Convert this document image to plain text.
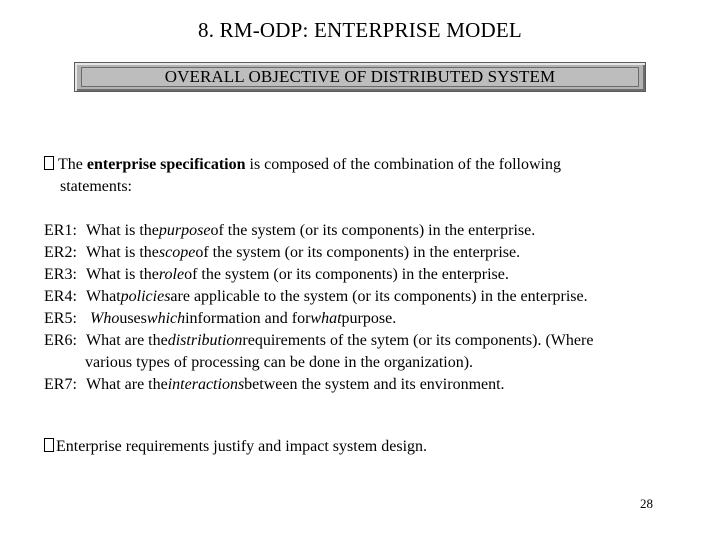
8. RM-ODP: ENTERPRISE MODEL
OVERALL OBJECTIVE OF DISTRIBUTED SYSTEM
The enterprise specification is composed of the combination of the following
statements:
ER1: What is the purpose of the system (or its components) in the enterprise.
ER2: What is the scope of the system (or its components) in the enterprise.
ER3: What is the role of the system (or its components) in the enterprise.
ER4: What policies are applicable to the system (or its components) in the enterprise.
ER5:
Who uses which information and for what purpose.
ER6: What are the distribution requirements of the sytem (or its components). (Where
various types of processing can be done in the organization).
ER7: What are the interactions between the system and its environment.
Enterprise requirements justify and impact system design.
28
